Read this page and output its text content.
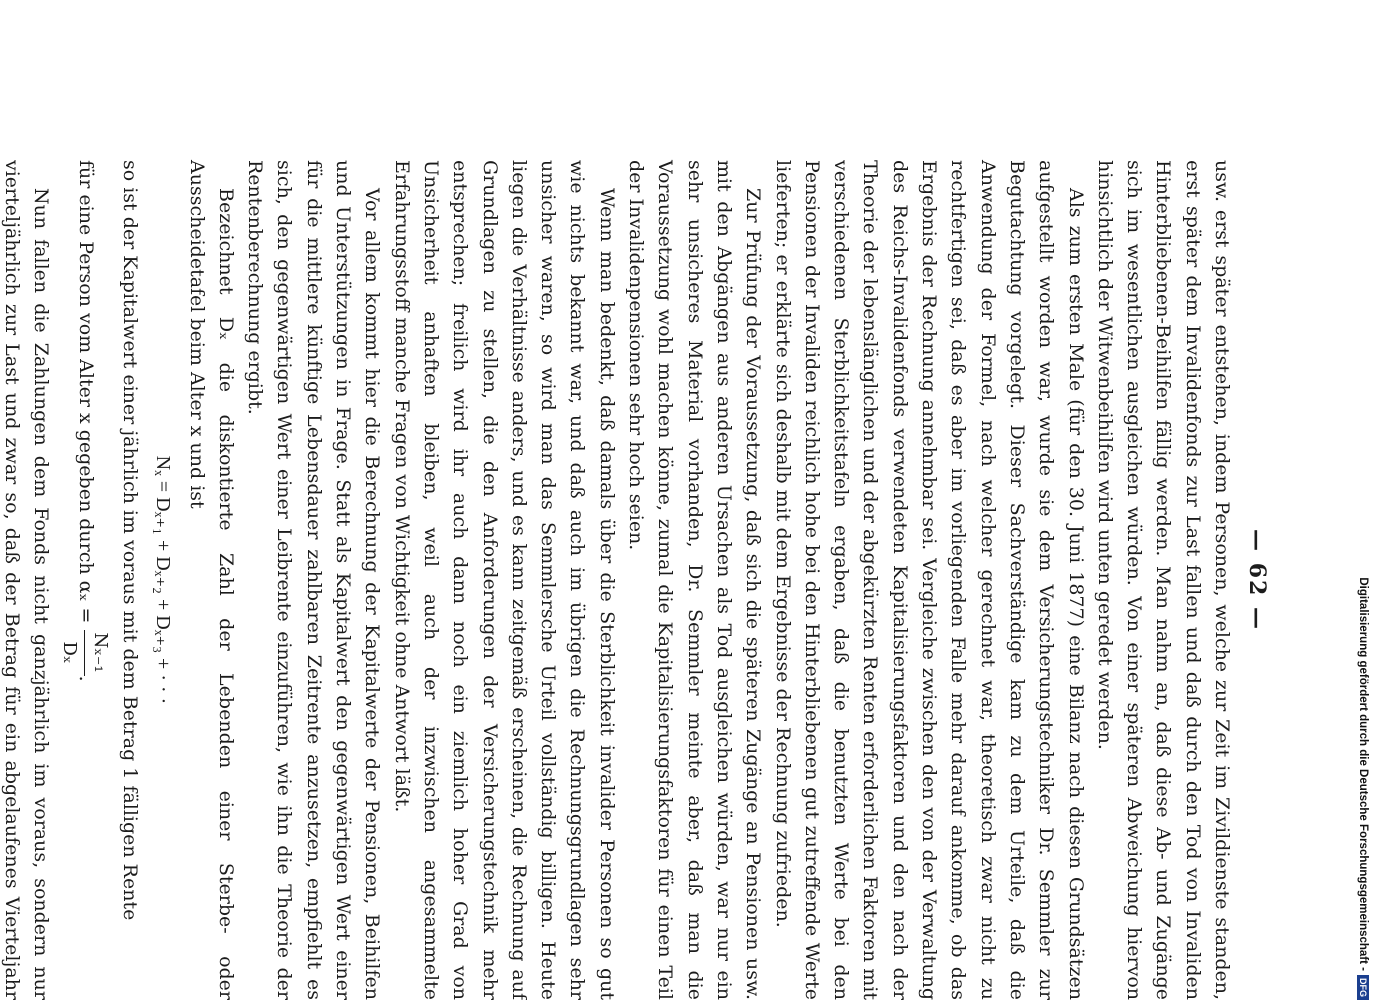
— 62 —

usw. erst später entstehen, indem Personen, welche zur Zeit im Zivildienste standen, erst später dem Invalidenfonds zur Last fallen und daß durch den Tod von Invaliden Hinterbliebenen-Beihilfen fällig werden. Man nahm an, daß diese Ab- und Zugänge sich im wesentlichen ausgleichen würden. Von einer späteren Abweichung hiervon hinsichtlich der Witwenbeihilfen wird unten geredet werden.

Als zum ersten Male (für den 30. Juni 1877) eine Bilanz nach diesen Grundsätzen aufgestellt worden war, wurde sie dem Versicherungstechniker Dr. Semmler zur Begutachtung vorgelegt. Dieser Sachverständige kam zu dem Urteile, daß die Anwendung der Formel, nach welcher gerechnet war, theoretisch zwar nicht zu rechtfertigen sei, daß es aber im vorliegenden Falle mehr darauf ankomme, ob das Ergebnis der Rechnung annehmbar sei. Vergleiche zwischen den von der Verwaltung des Reichs-Invalidenfonds verwendeten Kapitalisierungsfaktoren und den nach der Theorie der lebenslänglichen und der abgekürzten Renten erforderlichen Faktoren mit verschiedenen Sterblichkeitstafeln ergaben, daß die benutzten Werte bei den Pensionen der Invaliden reichlich hohe bei den Hinterbliebenen gut zutreffende Werte lieferten; er erklärte sich deshalb mit dem Ergebnisse der Rechnung zufrieden.

Zur Prüfung der Voraussetzung, daß sich die späteren Zugänge an Pensionen usw. mit den Abgängen aus anderen Ursachen als Tod ausgleichen würden, war nur ein sehr unsicheres Material vorhanden, Dr. Semmler meinte aber, daß man die Voraussetzung wohl machen könne, zumal die Kapitalisierungsfaktoren für einen Teil der Invalidenpensionen sehr hoch seien.

Wenn man bedenkt, daß damals über die Sterblichkeit invalider Personen so gut wie nichts bekannt war, und daß auch im übrigen die Rechnungsgrundlagen sehr unsicher waren, so wird man das Semmlersche Urteil vollständig billigen. Heute liegen die Verhältnisse anders, und es kann zeitgemäß erscheinen, die Rechnung auf Grundlagen zu stellen, die den Anforderungen der Versicherungstechnik mehr entsprechen; freilich wird ihr auch dann noch ein ziemlich hoher Grad von Unsicherheit anhaften bleiben, weil auch der inzwischen angesammelte Erfahrungsstoff manche Fragen von Wichtigkeit ohne Antwort läßt.

Vor allem kommt hier die Berechnung der Kapitalwerte der Pensionen, Beihilfen und Unterstützungen in Frage. Statt als Kapitalwert den gegenwärtigen Wert einer für die mittlere künftige Lebensdauer zahlbaren Zeitrente anzusetzen, empfiehlt es sich, den gegenwärtigen Wert einer Leibrente einzuführen, wie ihn die Theorie der Rentenberechnung ergibt.

Bezeichnet Dₓ die diskontierte Zahl der Lebenden einer Sterbe- oder Ausscheidetafel beim Alter x und ist

Nₓ = Dₓ₊₁ + Dₓ₊₂ + Dₓ₊₃ + · · ·

so ist der Kapitalwert einer jährlich im voraus mit dem Betrag 1 fälligen Rente

für eine Person vom Alter x gegeben durch αₓ =
Nₓ₋₁
Dₓ
.

Nun fallen die Zahlungen dem Fonds nicht ganzjährlich im voraus, sondern nur vierteljährlich zur Last und zwar so, daß der Betrag für ein abgelaufenes Vierteljahr	Digitalisierung gefördert durch die Deutsche Forschungsgemeinschaft -
DFG
